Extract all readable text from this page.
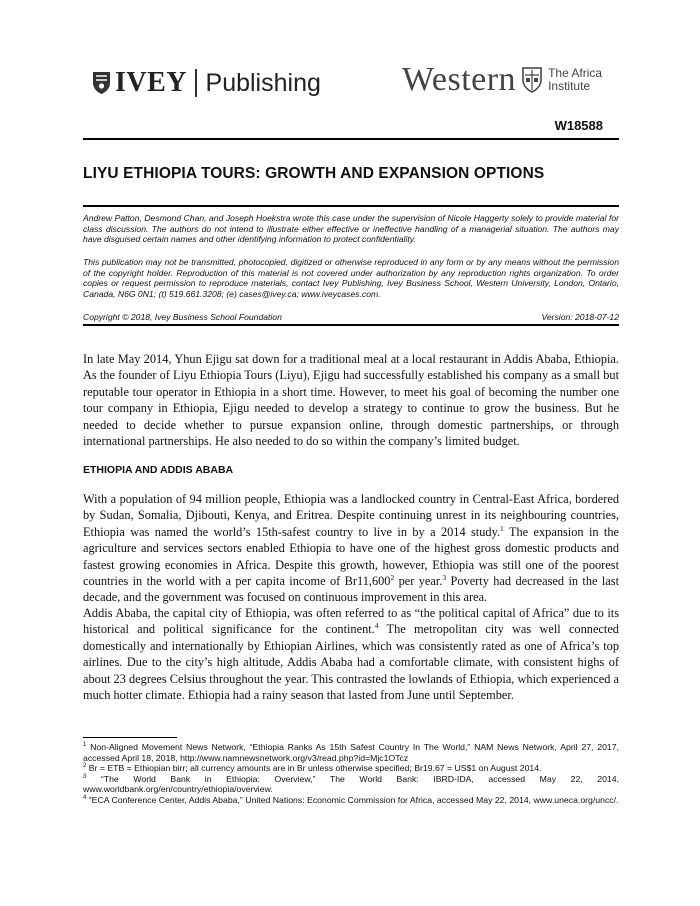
IVEY Publishing Western	The Africa
Institute
W18588
LIYU ETHIOPIA TOURS: GROWTH AND EXPANSION OPTIONS
Andrew Patton, Desmond Chan, and Joseph Hoekstra wrote this case under the supervision of Nicole Haggerty solely to provide material for class discussion. The authors do not intend to illustrate either effective or ineffective handling of a managerial situation. The authors may have disguised certain names and other identifying information to protect confidentiality.
This publication may not be transmitted, photocopied, digitized or otherwise reproduced in any form or by any means without the permission of the copyright holder. Reproduction of this material is not covered under authorization by any reproduction rights organization. To order copies or request permission to reproduce materials, contact Ivey Publishing, Ivey Business School, Western University, London, Ontario, Canada, N6G 0N1; (t) 519.661.3208; (e) cases@ivey.ca; www.iveycases.com.
Copyright © 2018, Ivey Business School Foundation	Version: 2018-07-12
In late May 2014, Yhun Ejigu sat down for a traditional meal at a local restaurant in Addis Ababa, Ethiopia. As the founder of Liyu Ethiopia Tours (Liyu), Ejigu had successfully established his company as a small but reputable tour operator in Ethiopia in a short time. However, to meet his goal of becoming the number one tour company in Ethiopia, Ejigu needed to develop a strategy to continue to grow the business. But he needed to decide whether to pursue expansion online, through domestic partnerships, or through international partnerships. He also needed to do so within the company’s limited budget.
ETHIOPIA AND ADDIS ABABA
With a population of 94 million people, Ethiopia was a landlocked country in Central-East Africa, bordered by Sudan, Somalia, Djibouti, Kenya, and Eritrea. Despite continuing unrest in its neighbouring countries, Ethiopia was named the world’s 15th-safest country to live in by a 2014 study.$^1$ The expansion in the agriculture and services sectors enabled Ethiopia to have one of the highest gross domestic products and fastest growing economies in Africa. Despite this growth, however, Ethiopia was still one of the poorest countries in the world with a per capita income of Br11,600$^2$ per year.$^3$ Poverty had decreased in the last decade, and the government was focused on continuous improvement in this area.
Addis Ababa, the capital city of Ethiopia, was often referred to as “the political capital of Africa” due to its historical and political significance for the continent.$^4$ The metropolitan city was well connected domestically and internationally by Ethiopian Airlines, which was consistently rated as one of Africa’s top airlines. Due to the city’s high altitude, Addis Ababa had a comfortable climate, with consistent highs of about 23 degrees Celsius throughout the year. This contrasted the lowlands of Ethiopia, which experienced a much hotter climate. Ethiopia had a rainy season that lasted from June until September.

$^1$ Non-Aligned Movement News Network, “Ethiopia Ranks As 15th Safest Country In The World,” NAM News Network, April 27, 2017, accessed April 18, 2018, http://www.namnewsnetwork.org/v3/read.php?id=Mjc1OTcz

$^2$ Br = ETB = Ethiopian birr; all currency amounts are in Br unless otherwise specified; Br19.67 = US$1 on August 2014.

$^3$ “The World Bank in Ethiopia: Overview,” The World Bank: IBRD-IDA, accessed May 22, 2014, www.worldbank.org/en/country/ethiopia/overview.

$^4$ “ECA Conference Center, Addis Ababa,” United Nations: Economic Commission for Africa, accessed May 22, 2014, www.uneca.org/uncc/.
